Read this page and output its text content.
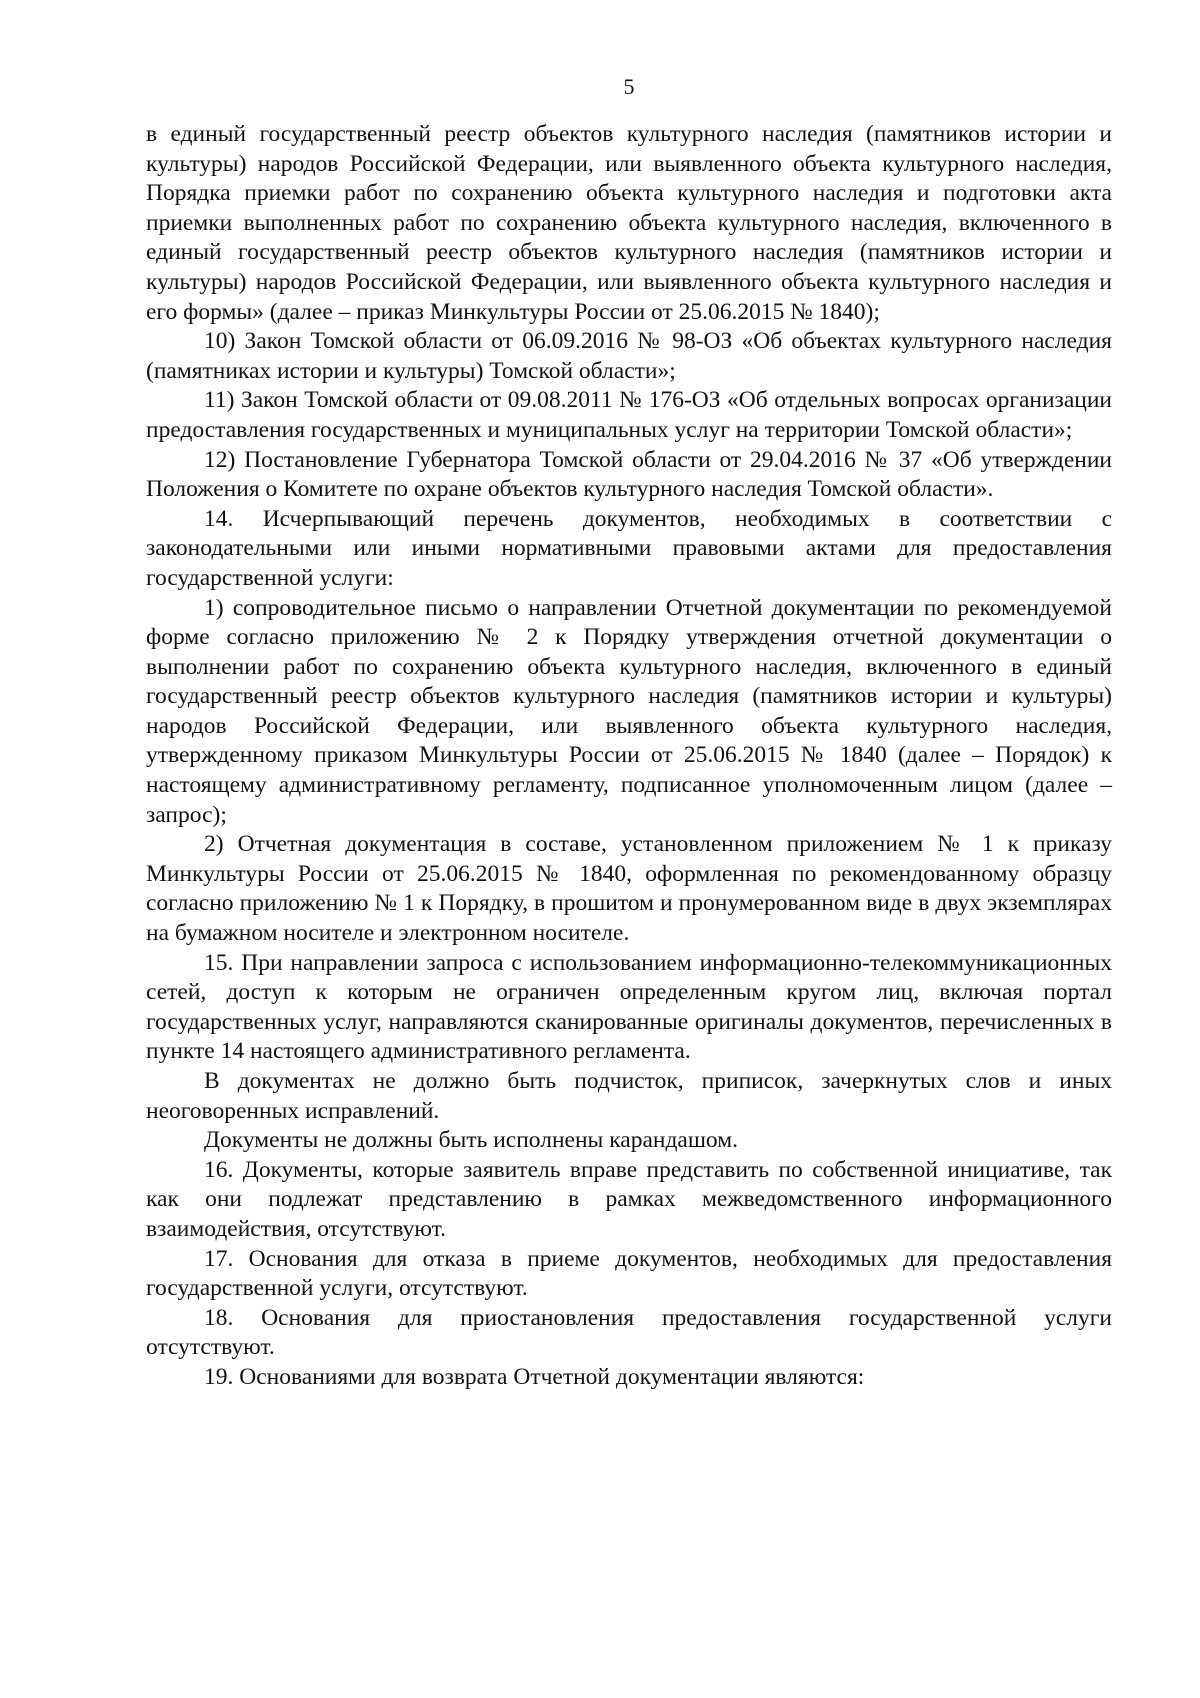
5

в единый государственный реестр объектов культурного наследия (памятников истории и культуры) народов Российской Федерации, или выявленного объекта культурного наследия, Порядка приемки работ по сохранению объекта культурного наследия и подготовки акта приемки выполненных работ по сохранению объекта культурного наследия, включенного в единый государственный реестр объектов культурного наследия (памятников истории и культуры) народов Российской Федерации, или выявленного объекта культурного наследия и его формы» (далее – приказ Минкультуры России от 25.06.2015 № 1840);

10) Закон Томской области от 06.09.2016 № 98-ОЗ «Об объектах культурного наследия (памятниках истории и культуры) Томской области»;

11) Закон Томской области от 09.08.2011 № 176-ОЗ «Об отдельных вопросах организации предоставления государственных и муниципальных услуг на территории Томской области»;

12) Постановление Губернатора Томской области от 29.04.2016 № 37 «Об утверждении Положения о Комитете по охране объектов культурного наследия Томской области».

14. Исчерпывающий перечень документов, необходимых в соответствии с законодательными или иными нормативными правовыми актами для предоставления государственной услуги:

1) сопроводительное письмо о направлении Отчетной документации по рекомендуемой форме согласно приложению № 2 к Порядку утверждения отчетной документации о выполнении работ по сохранению объекта культурного наследия, включенного в единый государственный реестр объектов культурного наследия (памятников истории и культуры) народов Российской Федерации, или выявленного объекта культурного наследия, утвержденному приказом Минкультуры России от 25.06.2015 № 1840 (далее – Порядок) к настоящему административному регламенту, подписанное уполномоченным лицом (далее – запрос);

2) Отчетная документация в составе, установленном приложением № 1 к приказу Минкультуры России от 25.06.2015 № 1840, оформленная по рекомендованному образцу согласно приложению № 1 к Порядку, в прошитом и пронумерованном виде в двух экземплярах на бумажном носителе и электронном носителе.

15. При направлении запроса с использованием информационно-телекоммуникационных сетей, доступ к которым не ограничен определенным кругом лиц, включая портал государственных услуг, направляются сканированные оригиналы документов, перечисленных в пункте 14 настоящего административного регламента.

В документах не должно быть подчисток, приписок, зачеркнутых слов и иных неоговоренных исправлений.

Документы не должны быть исполнены карандашом.

16. Документы, которые заявитель вправе представить по собственной инициативе, так как они подлежат представлению в рамках межведомственного информационного взаимодействия, отсутствуют.

17. Основания для отказа в приеме документов, необходимых для предоставления государственной услуги, отсутствуют.

18. Основания для приостановления предоставления государственной услуги отсутствуют.

19. Основаниями для возврата Отчетной документации являются:
